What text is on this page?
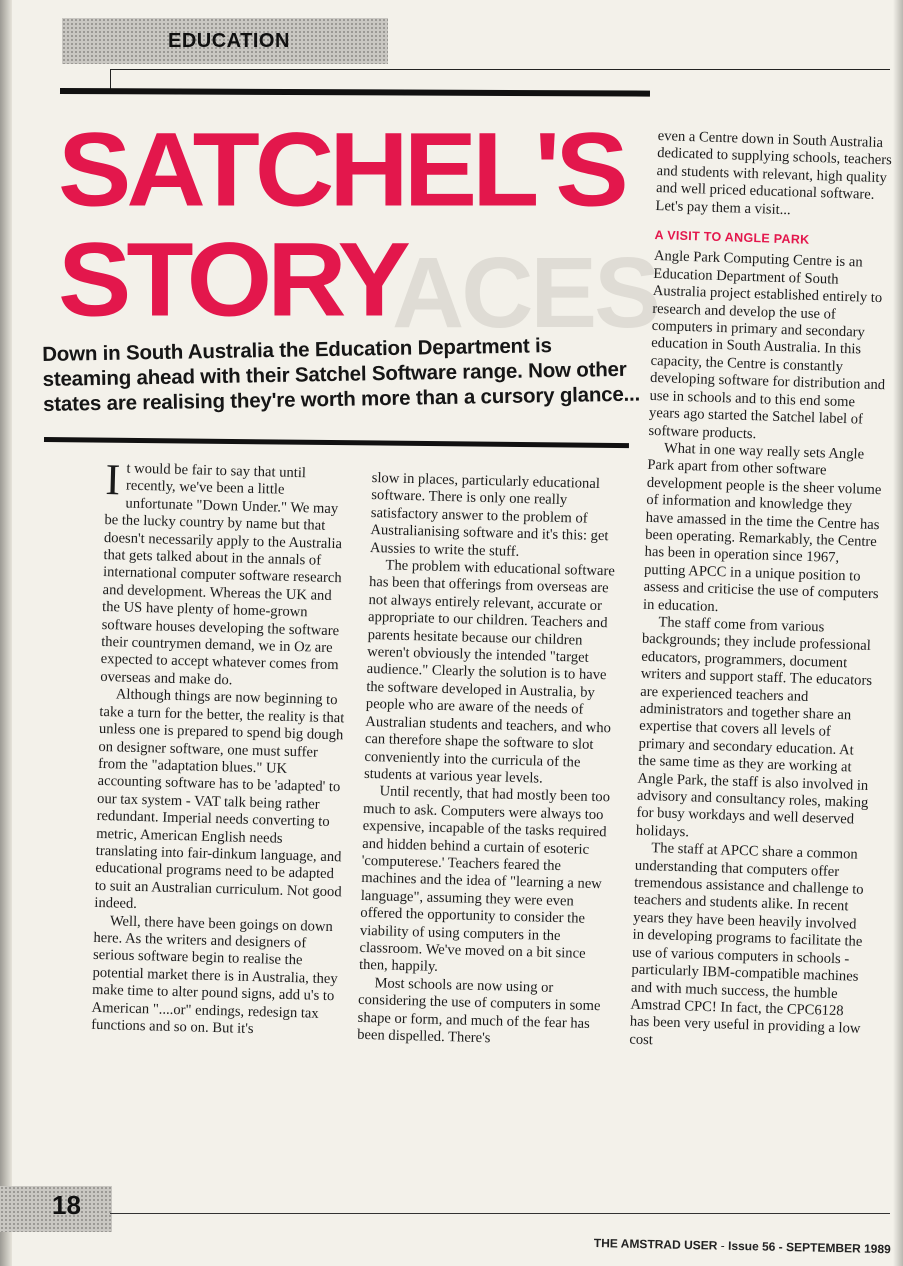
EDUCATION
ACES
SATCHEL'S
STORY

Down in South Australia the Education Department is steaming ahead with their Satchel Software range. Now other states are realising they're worth more than a cursory glance...

It would be fair to say that until recently, we've been a little unfortunate "Down Under." We may be the lucky country by name but that doesn't necessarily apply to the Australia that gets talked about in the annals of international computer software research and development. Whereas the UK and the US have plenty of home-grown software houses developing the software their countrymen demand, we in Oz are expected to accept whatever comes from overseas and make do.

Although things are now beginning to take a turn for the better, the reality is that unless one is prepared to spend big dough on designer software, one must suffer from the "adaptation blues." UK accounting software has to be 'adapted' to our tax system - VAT talk being rather redundant. Imperial needs converting to metric, American English needs translating into fair-dinkum language, and educational programs need to be adapted to suit an Australian curriculum. Not good indeed.

Well, there have been goings on down here. As the writers and designers of serious software begin to realise the potential market there is in Australia, they make time to alter pound signs, add u's to American "....or" endings, redesign tax functions and so on. But it's

slow in places, particularly educational software. There is only one really satisfactory answer to the problem of Australianising software and it's this: get Aussies to write the stuff.

The problem with educational software has been that offerings from overseas are not always entirely relevant, accurate or appropriate to our children. Teachers and parents hesitate because our children weren't obviously the intended "target audience." Clearly the solution is to have the software developed in Australia, by people who are aware of the needs of Australian students and teachers, and who can therefore shape the software to slot conveniently into the curricula of the students at various year levels.

Until recently, that had mostly been too much to ask. Computers were always too expensive, incapable of the tasks required and hidden behind a curtain of esoteric 'computerese.' Teachers feared the machines and the idea of "learning a new language", assuming they were even offered the opportunity to consider the viability of using computers in the classroom. We've moved on a bit since then, happily.

Most schools are now using or considering the use of computers in some shape or form, and much of the fear has been dispelled. There's

even a Centre down in South Australia dedicated to supplying schools, teachers and students with relevant, high quality and well priced educational software. Let's pay them a visit...

A VISIT TO ANGLE PARK

Angle Park Computing Centre is an Education Department of South Australia project established entirely to research and develop the use of computers in primary and secondary education in South Australia. In this capacity, the Centre is constantly developing software for distribution and use in schools and to this end some years ago started the Satchel label of software products.

What in one way really sets Angle Park apart from other software development people is the sheer volume of information and knowledge they have amassed in the time the Centre has been operating. Remarkably, the Centre has been in operation since 1967, putting APCC in a unique position to assess and criticise the use of computers in education.

The staff come from various backgrounds; they include professional educators, programmers, document writers and support staff. The educators are experienced teachers and administrators and together share an expertise that covers all levels of primary and secondary education. At the same time as they are working at Angle Park, the staff is also involved in advisory and consultancy roles, making for busy workdays and well deserved holidays.

The staff at APCC share a common understanding that computers offer tremendous assistance and challenge to teachers and students alike. In recent years they have been heavily involved in developing programs to facilitate the use of various computers in schools - particularly IBM-compatible machines and with much success, the humble Amstrad CPC! In fact, the CPC6128 has been very useful in providing a low cost

18
THE AMSTRAD USER - Issue 56 - SEPTEMBER 1989
